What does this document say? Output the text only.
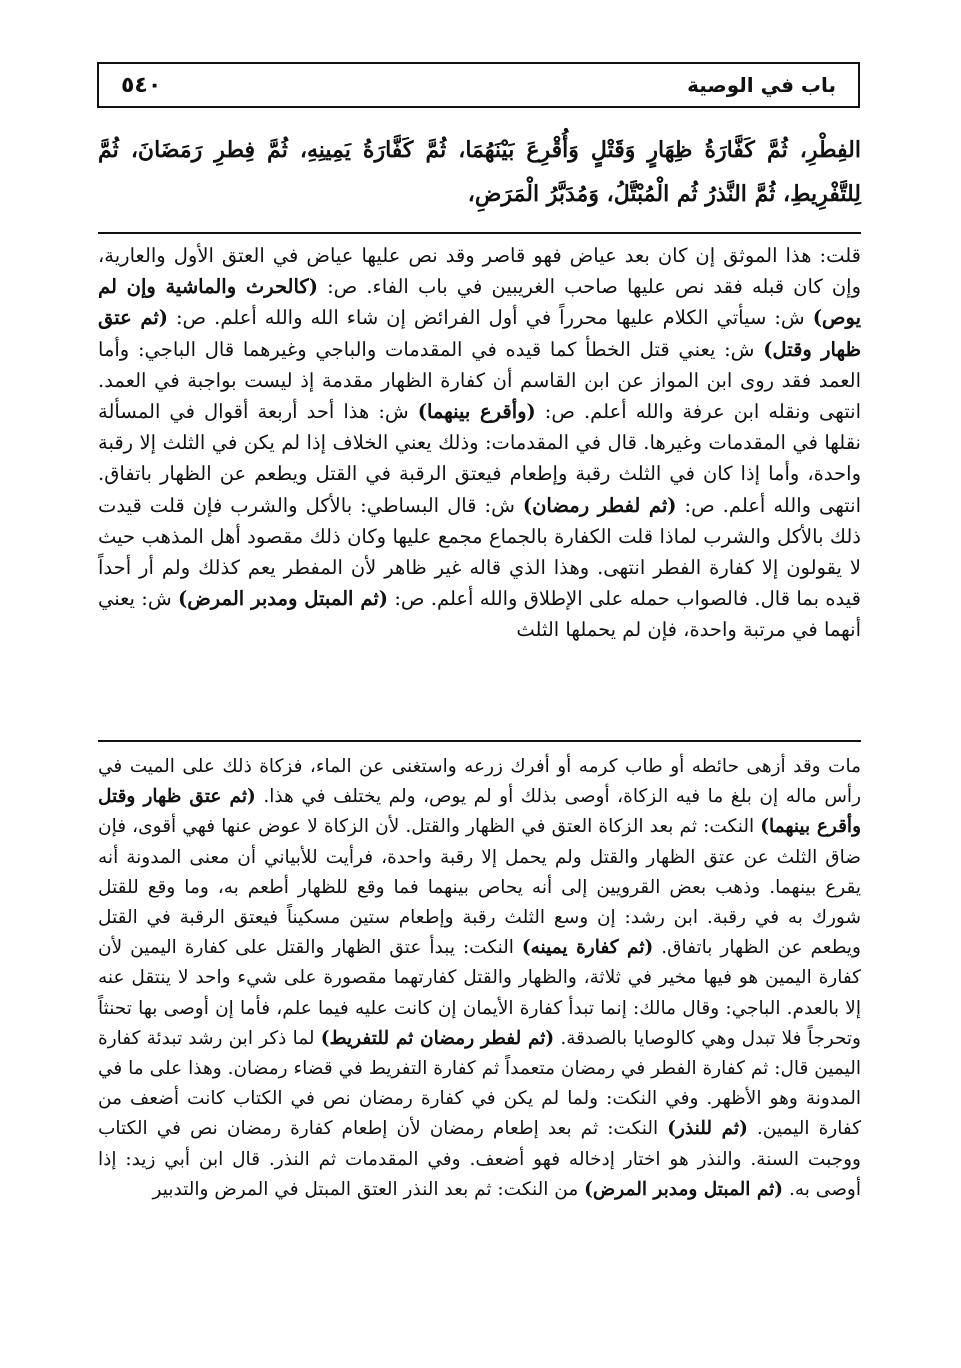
٥٤٠	باب في الوصية

الفِطْرِ، ثُمَّ كَفَّارَةُ ظِهَارٍ وَقَتْلٍ وَأُقْرِعَ بَيْنَهُمَا، ثُمَّ كَفَّارَةُ يَمِينِهِ، ثُمَّ فِطرِ رَمَضَانَ، ثُمَّ لِلتَّفْرِيطِ، ثُمَّ النَّذرُ ثُم الْمُبْتَّلُ، وَمُدَبَّرُ الْمَرَضِ،

قلت: هذا الموثق إن كان بعد عياض فهو قاصر وقد نص عليها عياض في العتق الأول والعارية، وإن كان قبله فقد نص عليها صاحب الغريبين في باب الفاء. ص: (كالحرث والماشية وإن لم يوص) ش: سيأتي الكلام عليها محرراً في أول الفرائض إن شاء الله والله أعلم. ص: (ثم عتق ظهار وقتل) ش: يعني قتل الخطأ كما قيده في المقدمات والباجي وغيرهما قال الباجي: وأما العمد فقد روى ابن المواز عن ابن القاسم أن كفارة الظهار مقدمة إذ ليست بواجبة في العمد. انتهى ونقله ابن عرفة والله أعلم. ص: (وأقرع بينهما) ش: هذا أحد أربعة أقوال في المسألة نقلها في المقدمات وغيرها. قال في المقدمات: وذلك يعني الخلاف إذا لم يكن في الثلث إلا رقبة واحدة، وأما إذا كان في الثلث رقبة وإطعام فيعتق الرقبة في القتل ويطعم عن الظهار باتفاق. انتهى والله أعلم. ص: (ثم لفطر رمضان) ش: قال البساطي: بالأكل والشرب فإن قلت قيدت ذلك بالأكل والشرب لماذا قلت الكفارة بالجماع مجمع عليها وكان ذلك مقصود أهل المذهب حيث لا يقولون إلا كفارة الفطر انتهى. وهذا الذي قاله غير ظاهر لأن المفطر يعم كذلك ولم أر أحداً قيده بما قال. فالصواب حمله على الإطلاق والله أعلم. ص: (ثم المبتل ومدبر المرض) ش: يعني أنهما في مرتبة واحدة، فإن لم يحملها الثلث

مات وقد أزهى حائطه أو طاب كرمه أو أفرك زرعه واستغنى عن الماء، فزكاة ذلك على الميت في رأس ماله إن بلغ ما فيه الزكاة، أوصى بذلك أو لم يوص، ولم يختلف في هذا. (ثم عتق ظهار وقتل وأقرع بينهما) النكت: ثم بعد الزكاة العتق في الظهار والقتل. لأن الزكاة لا عوض عنها فهي أقوى، فإن ضاق الثلث عن عتق الظهار والقتل ولم يحمل إلا رقبة واحدة، فرأيت للأبياني أن معنى المدونة أنه يقرع بينهما. وذهب بعض القرويين إلى أنه يحاص بينهما فما وقع للظهار أطعم به، وما وقع للقتل شورك به في رقبة. ابن رشد: إن وسع الثلث رقبة وإطعام ستين مسكيناً فيعتق الرقبة في القتل ويطعم عن الظهار باتفاق. (ثم كفارة يمينه) النكت: يبدأ عتق الظهار والقتل على كفارة اليمين لأن كفارة اليمين هو فيها مخير في ثلاثة، والظهار والقتل كفارتهما مقصورة على شيء واحد لا ينتقل عنه إلا بالعدم. الباجي: وقال مالك: إنما تبدأ كفارة الأيمان إن كانت عليه فيما علم، فأما إن أوصى بها تحنثاً وتحرجاً فلا تبدل وهي كالوصايا بالصدقة. (ثم لفطر رمضان ثم للتفريط) لما ذكر ابن رشد تبدئة كفارة اليمين قال: ثم كفارة الفطر في رمضان متعمداً ثم كفارة التفريط في قضاء رمضان. وهذا على ما في المدونة وهو الأظهر. وفي النكت: ولما لم يكن في كفارة رمضان نص في الكتاب كانت أضعف من كفارة اليمين. (ثم للنذر) النكت: ثم بعد إطعام رمضان لأن إطعام كفارة رمضان نص في الكتاب ووجبت السنة. والنذر هو اختار إدخاله فهو أضعف. وفي المقدمات ثم النذر. قال ابن أبي زيد: إذا أوصى به. (ثم المبتل ومدبر المرض) من النكت: ثم بعد النذر العتق المبتل في المرض والتدبير
